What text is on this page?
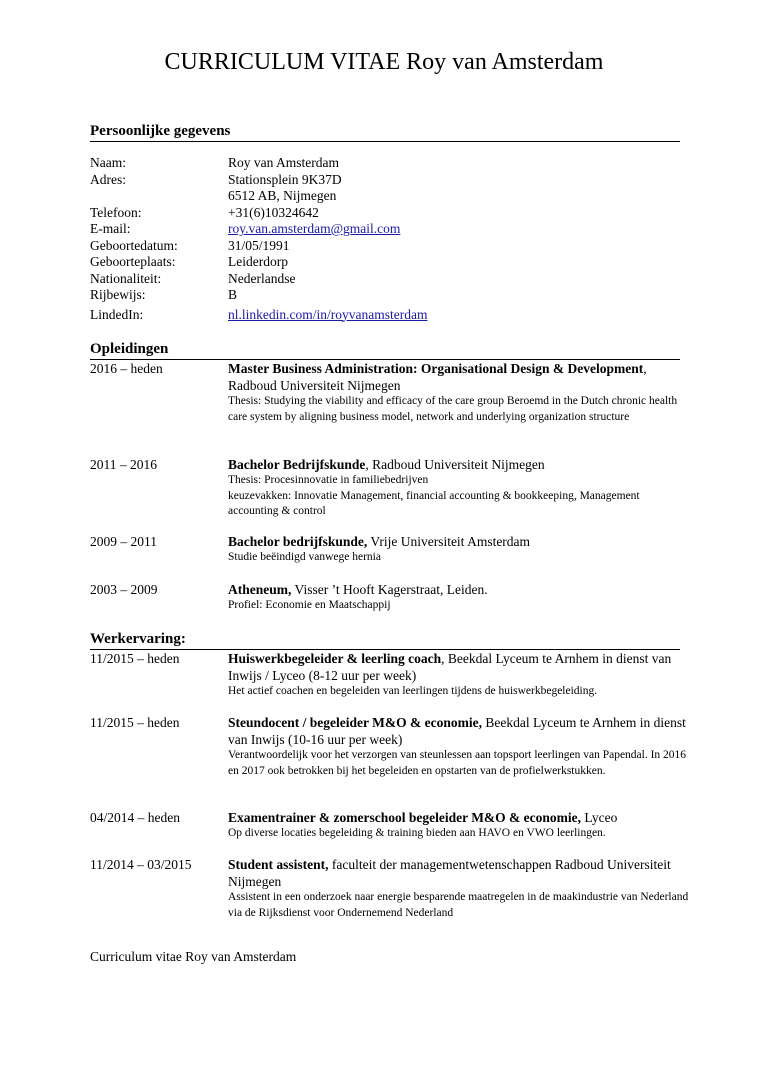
CURRICULUM VITAE Roy van Amsterdam
Persoonlijke gegevens
Naam:	Roy van Amsterdam
Adres:	Stationsplein 9K37D
6512 AB, Nijmegen
Telefoon:	+31(6)10324642
E-mail:	roy.van.amsterdam@gmail.com
Geboortedatum:	31/05/1991
Geboorteplaats:	Leiderdorp
Nationaliteit:	Nederlandse
Rijbewijs:	B
LindedIn:	nl.linkedin.com/in/royvanamsterdam
Opleidingen
2016 – heden	Master Business Administration: Organisational Design & Development, Radboud Universiteit Nijmegen
Thesis: Studying the viability and efficacy of the care group Beroemd in the Dutch chronic health care system by aligning business model, network and underlying organization structure
2011 – 2016	Bachelor Bedrijfskunde, Radboud Universiteit Nijmegen
Thesis: Procesinnovatie in familiebedrijven
keuzevakken: Innovatie Management, financial accounting & bookkeeping, Management accounting & control
2009 – 2011	Bachelor bedrijfskunde, Vrije Universiteit Amsterdam
Studie beëindigd vanwege hernia
2003 – 2009	Atheneum, Visser ’t Hooft Kagerstraat, Leiden.
Profiel: Economie en Maatschappij
Werkervaring:
11/2015 – heden	Huiswerkbegeleider & leerling coach, Beekdal Lyceum te Arnhem in dienst van Inwijs / Lyceo (8-12 uur per week)
Het actief coachen en begeleiden van leerlingen tijdens de huiswerkbegeleiding.
11/2015 – heden	Steundocent / begeleider M&O & economie, Beekdal Lyceum te Arnhem in dienst van Inwijs (10-16 uur per week)
Verantwoordelijk voor het verzorgen van steunlessen aan topsport leerlingen van Papendal. In 2016 en 2017 ook betrokken bij het begeleiden en opstarten van de profielwerkstukken.
04/2014 – heden	Examentrainer & zomerschool begeleider M&O & economie, Lyceo
Op diverse locaties begeleiding & training bieden aan HAVO en VWO leerlingen.
11/2014 – 03/2015	Student assistent, faculteit der managementwetenschappen Radboud Universiteit Nijmegen
Assistent in een onderzoek naar energie besparende maatregelen in de maakindustrie van Nederland via de Rijksdienst voor Ondernemend Nederland
Curriculum vitae Roy van Amsterdam
